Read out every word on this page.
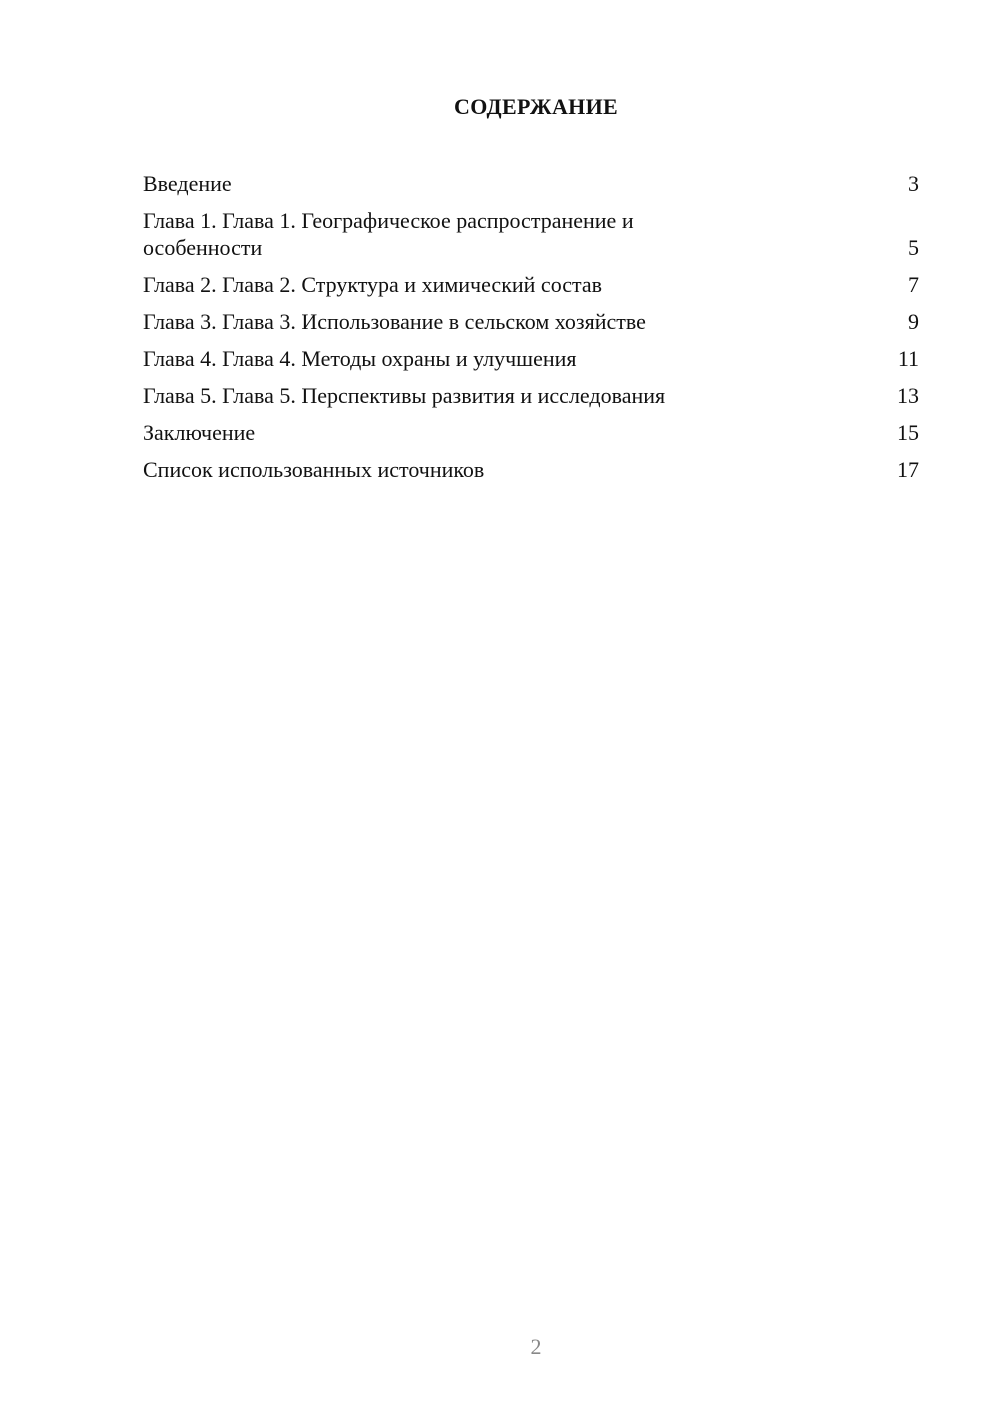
СОДЕРЖАНИЕ
Введение	3
Глава 1. Глава 1. Географическое распространение и особенности	5
Глава 2. Глава 2. Структура и химический состав	7
Глава 3. Глава 3. Использование в сельском хозяйстве	9
Глава 4. Глава 4. Методы охраны и улучшения	11
Глава 5. Глава 5. Перспективы развития и исследования	13
Заключение	15
Список использованных источников	17
2
